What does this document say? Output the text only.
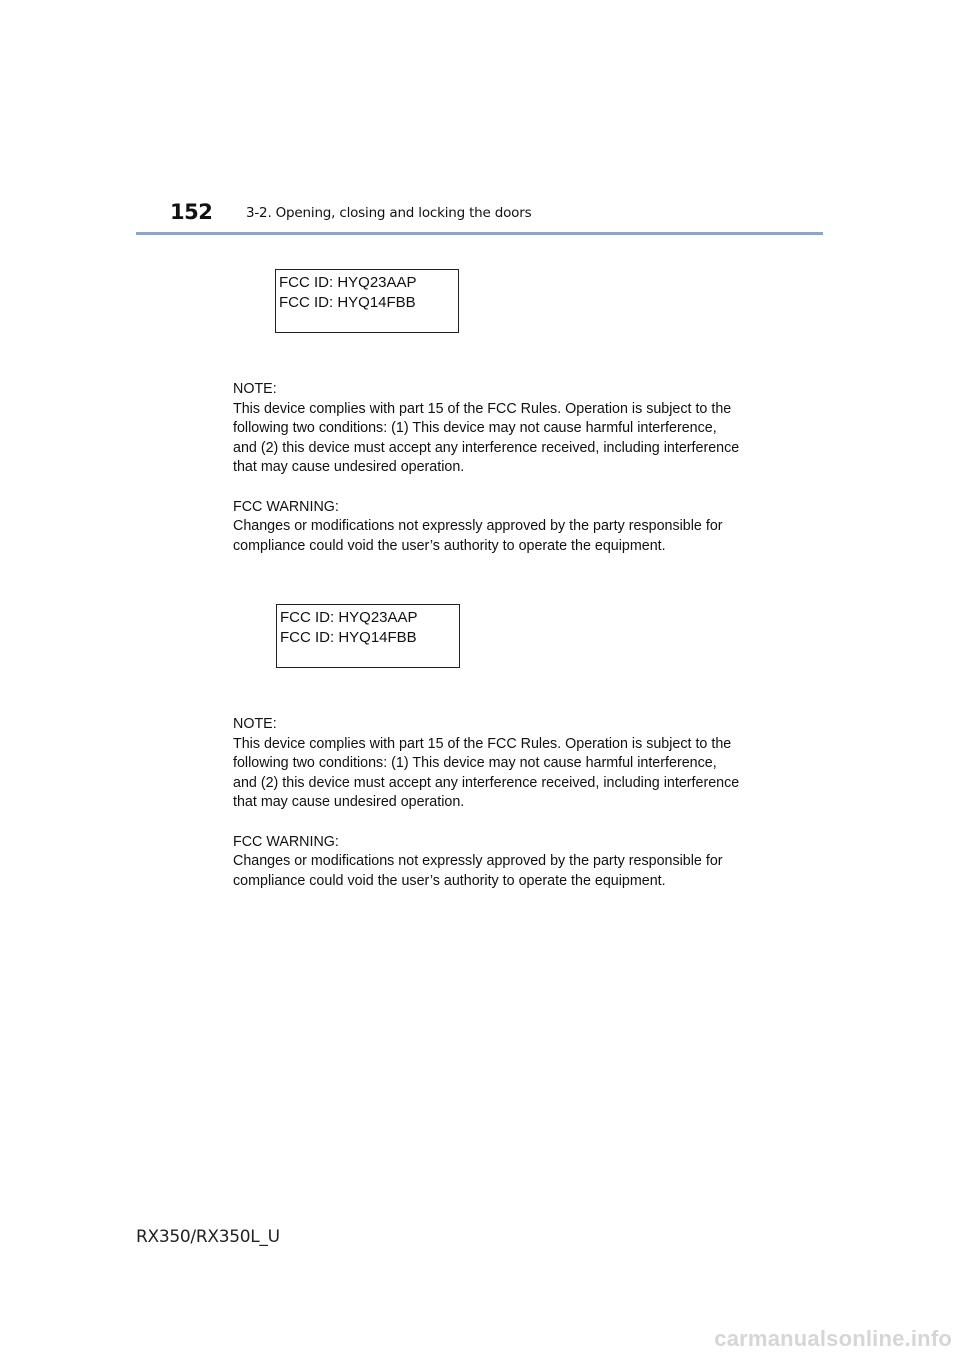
152 3-2. Opening, closing and locking the doors
FCC ID: HYQ23AAP
FCC ID: HYQ14FBB

NOTE:

This device complies with part 15 of the FCC Rules. Operation is subject to the following two conditions: (1) This device may not cause harmful interference, and (2) this device must accept any interference received, including interference that may cause undesired operation.

FCC WARNING:

Changes or modifications not expressly approved by the party responsible for compliance could void the user’s authority to operate the equipment.

FCC ID: HYQ23AAP
FCC ID: HYQ14FBB

NOTE:

This device complies with part 15 of the FCC Rules. Operation is subject to the following two conditions: (1) This device may not cause harmful interference, and (2) this device must accept any interference received, including interference that may cause undesired operation.

FCC WARNING:

Changes or modifications not expressly approved by the party responsible for compliance could void the user’s authority to operate the equipment.

RX350/RX350L_U
carmanualsonline.info
